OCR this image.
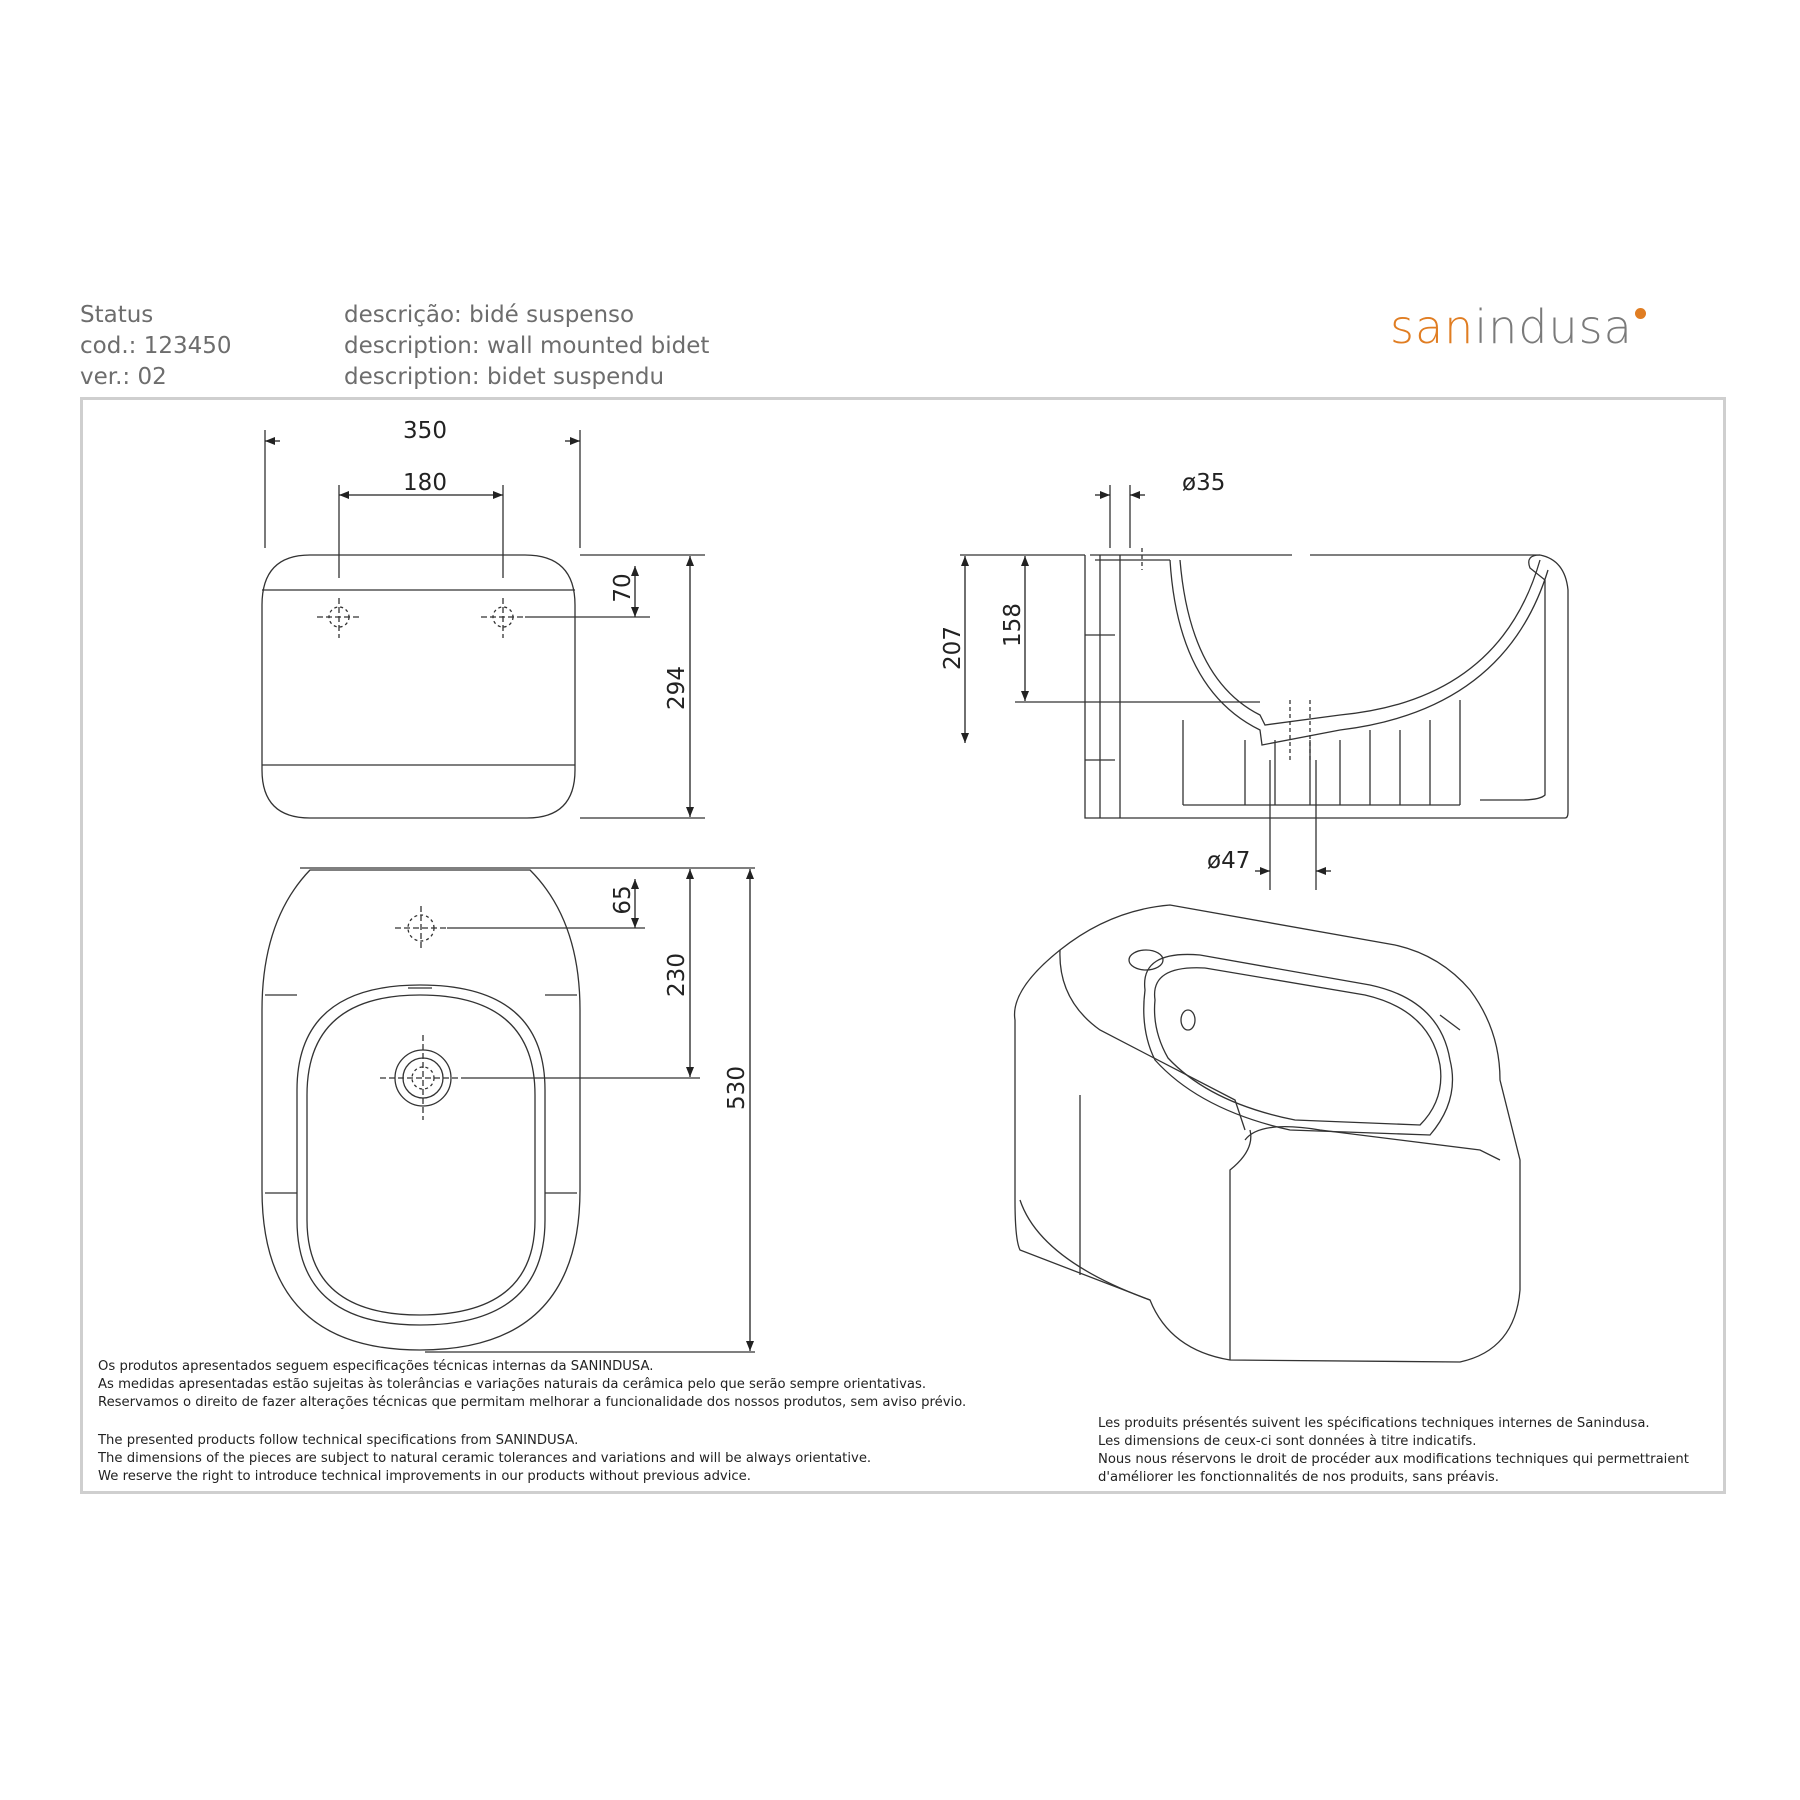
Status
cod.: 123450
ver.: 02
descrição: bidé suspenso
description: wall mounted bidet
description: bidet suspendu
sanindusa
350
180
70
294
65
230
530
ø35
207
158
ø47
Os produtos apresentados seguem especificações técnicas internas da SANINDUSA.
As medidas apresentadas estão sujeitas às tolerâncias e variações naturais da cerâmica pelo que serão sempre orientativas.
Reservamos o direito de fazer alterações técnicas que permitam melhorar a funcionalidade dos nossos produtos, sem aviso prévio.
The presented products follow technical specifications from SANINDUSA.
The dimensions of the pieces are subject to natural ceramic tolerances and variations and will be always orientative.
We reserve the right to introduce technical improvements in our products without previous advice.
Les produits présentés suivent les spécifications techniques internes de Sanindusa.
Les dimensions de ceux-ci sont données à titre indicatifs.
Nous nous réservons le droit de procéder aux modifications techniques qui permettraient
d'améliorer les fonctionnalités de nos produits, sans préavis.
